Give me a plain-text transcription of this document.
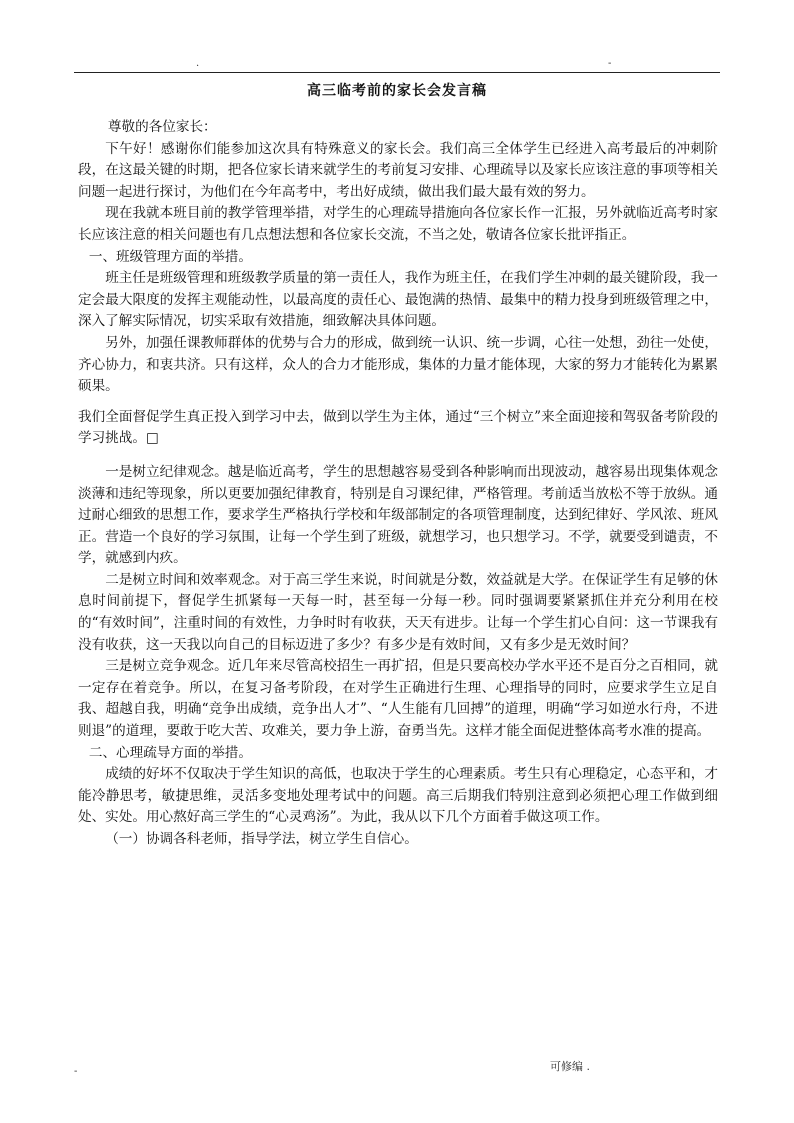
.	-
高三临考前的家长会发言稿

尊敬的各位家长：

下午好！感谢你们能参加这次具有特殊意义的家长会。我们高三全体学生已经进入高考最后的冲刺阶段，在这最关键的时期，把各位家长请来就学生的考前复习安排、心理疏导以及家长应该注意的事项等相关问题一起进行探讨，为他们在今年高考中，考出好成绩，做出我们最大最有效的努力。

现在我就本班目前的教学管理举措，对学生的心理疏导措施向各位家长作一汇报，另外就临近高考时家长应该注意的相关问题也有几点想法想和各位家长交流，不当之处，敬请各位家长批评指正。

一、班级管理方面的举措。

班主任是班级管理和班级教学质量的第一责任人，我作为班主任，在我们学生冲刺的最关键阶段，我一定会最大限度的发挥主观能动性，以最高度的责任心、最饱满的热情、最集中的精力投身到班级管理之中，深入了解实际情况，切实采取有效措施，细致解决具体问题。

另外，加强任课教师群体的优势与合力的形成，做到统一认识、统一步调，心往一处想，劲往一处使，齐心协力，和衷共济。只有这样，众人的合力才能形成，集体的力量才能体现，大家的努力才能转化为累累硕果。

我们全面督促学生真正投入到学习中去，做到以学生为主体，通过“三个树立”来全面迎接和驾驭备考阶段的学习挑战。□

一是树立纪律观念。越是临近高考，学生的思想越容易受到各种影响而出现波动，越容易出现集体观念淡薄和违纪等现象，所以更要加强纪律教育，特别是自习课纪律，严格管理。考前适当放松不等于放纵。通过耐心细致的思想工作，要求学生严格执行学校和年级部制定的各项管理制度，达到纪律好、学风浓、班风正。营造一个良好的学习氛围，让每一个学生到了班级，就想学习，也只想学习。不学，就要受到谴责，不学，就感到内疚。

二是树立时间和效率观念。对于高三学生来说，时间就是分数，效益就是大学。在保证学生有足够的休息时间前提下，督促学生抓紧每一天每一时，甚至每一分每一秒。同时强调要紧紧抓住并充分利用在校的“有效时间”，注重时间的有效性，力争时时有收获，天天有进步。让每一个学生扪心自问：这一节课我有没有收获，这一天我以向自己的目标迈进了多少？有多少是有效时间，又有多少是无效时间？

三是树立竞争观念。近几年来尽管高校招生一再扩招，但是只要高校办学水平还不是百分之百相同，就一定存在着竞争。所以，在复习备考阶段，在对学生正确进行生理、心理指导的同时，应要求学生立足自我、超越自我，明确“竞争出成绩，竞争出人才”、“人生能有几回搏”的道理，明确“学习如逆水行舟，不进则退”的道理，要敢于吃大苦、攻难关，要力争上游，奋勇当先。这样才能全面促进整体高考水准的提高。

二、心理疏导方面的举措。

成绩的好坏不仅取决于学生知识的高低，也取决于学生的心理素质。考生只有心理稳定，心态平和，才能冷静思考，敏捷思维，灵活多变地处理考试中的问题。高三后期我们特别注意到必须把心理工作做到细处、实处。用心熬好高三学生的“心灵鸡汤”。为此，我从以下几个方面着手做这项工作。

（一）协调各科老师，指导学法，树立学生自信心。

-	可修编 .
